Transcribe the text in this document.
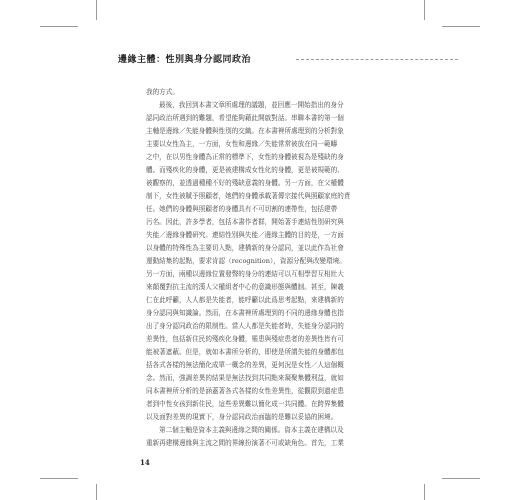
邊緣主體：性別與身分認同政治
我的方式。
最後，我回到本書文章所處理的議題，並回應一開始指出的身分
認同政治所遇到的難題，希望能夠藉此開啟對話。串聯本書的第一個
主軸是邊緣／失能身體與性別的交織。在本書裡所處理到的分析對象
主要以女性為主，一方面，女性和邊緣／失能常常被放在同一範疇
之中，在以男性身體為正常的標準下，女性的身體被視為是殘缺的身
體。而殘疾化的身體，更是被建構成女性化的身體，更是被規範的、
被觀察的，並透過種種不好的殘缺意義的身體。另一方面，在父權體
制下，女性被賦予照顧者，她們的身體承載著傳宗接代與照顧家庭的責
任。她們的身體與照顧者的身體具有不可切割的連帶性，包括建帶
污名。因此，許多學者，包括本書作者群，開始著手連結性別研究與
失能／邊緣身體研究。連結性別與失能／邊緣主體的目的是，一方面
以身體的特殊性為主要切入點，建構新的身分認同，並以此作為社會
運動結集的起點，要求肯認（recognition），資源分配與改變環境。
另一方面，兩種以邊緣位置發聲的身分的連結可以互相學習互相壯大
來顛覆對抗主流的漢人父權組者中心的意識形態與體制。甚至，陳羲
仁在此呼籲，人人都是失能者，能呼籲以此爲思考起點，來建構新的
身分認同與知識論。然而，在本書裡所處理到的不同的邊緣身體也指
出了身分認同政治的限制性。當人人都是失能者時，失能身分認同的
差異性，包括新住民的殘疾化身體，罹患與殘症患者的差異性皆有可
能被著遮蔽。但是，就如本書所分析的，即使是所謂失能的身體都包
括各式各樣的無法簡化成單一概念的差異，更何況是女性／人這個概
念。然而，強調差異的結果是無法找到共同點來凝聚集體利益，就如
同本書裡所分析的是涵蓋著各式各樣的女性差異性，從觀限到遺症患
者到中性女孩到新住民，這些差異難以簡化成一共同體。在跨界集體
以及面對差異的現實下，身分認同政治面臨的是難以妥協的困境。
第二個主軸是資本主義與邊緣之間的關係。資本主義在建構以及
重新再建構邊緣與主流之間的界線扮演著不可或缺角色。首先，工業
14
